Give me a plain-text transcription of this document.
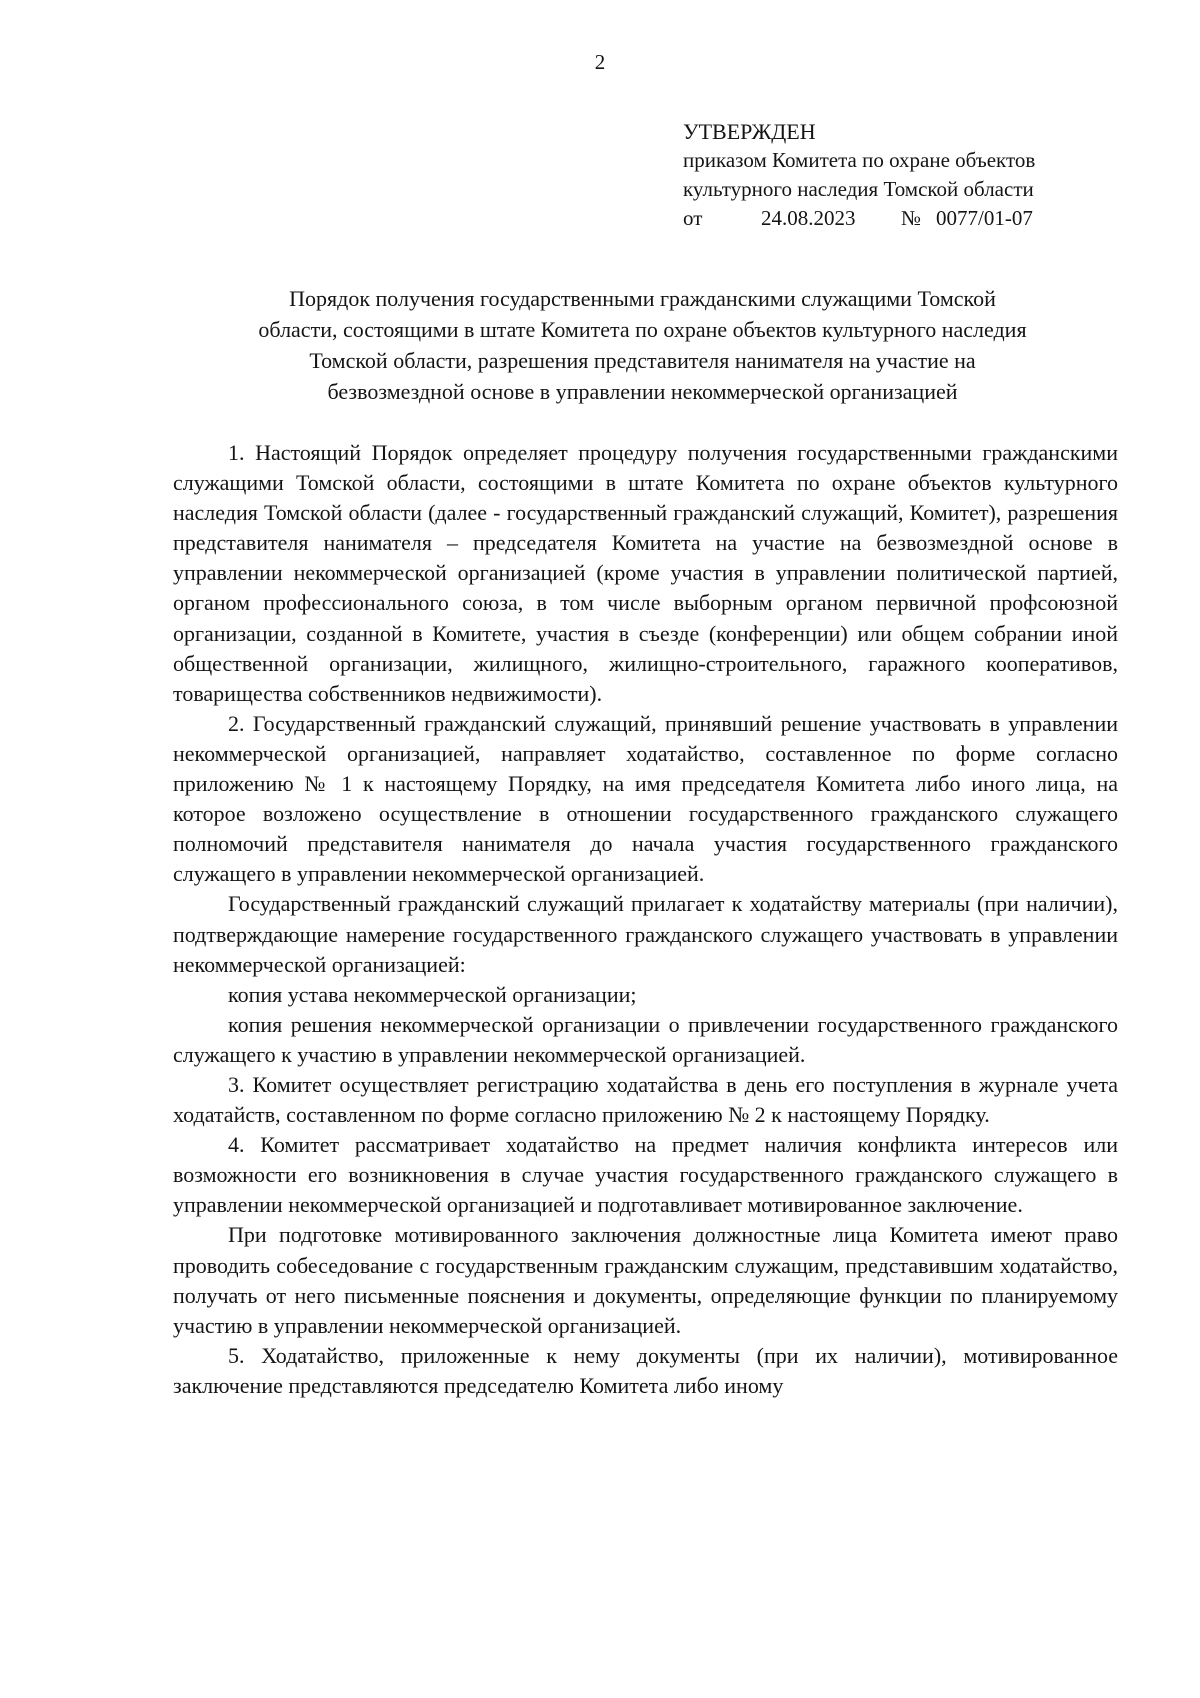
2
УТВЕРЖДЕН
приказом Комитета по охране объектов
культурного наследия Томской области
от	24.08.2023	№ 0077/01-07
Порядок получения государственными гражданскими служащими Томской
области, состоящими в штате Комитета по охране объектов культурного наследия
Томской области, разрешения представителя нанимателя на участие на
безвозмездной основе в управлении некоммерческой организацией

1. Настоящий Порядок определяет процедуру получения государственными гражданскими служащими Томской области, состоящими в штате Комитета по охране объектов культурного наследия Томской области (далее - государственный гражданский служащий, Комитет), разрешения представителя нанимателя – председателя Комитета на участие на безвозмездной основе в управлении некоммерческой организацией (кроме участия в управлении политической партией, органом профессионального союза, в том числе выборным органом первичной профсоюзной организации, созданной в Комитете, участия в съезде (конференции) или общем собрании иной общественной организации, жилищного, жилищно-строительного, гаражного кооперативов, товарищества собственников недвижимости).

2. Государственный гражданский служащий, принявший решение участвовать в управлении некоммерческой организацией, направляет ходатайство, составленное по форме согласно приложению № 1 к настоящему Порядку, на имя председателя Комитета либо иного лица, на которое возложено осуществление в отношении государственного гражданского служащего полномочий представителя нанимателя до начала участия государственного гражданского служащего в управлении некоммерческой организацией.

Государственный гражданский служащий прилагает к ходатайству материалы (при наличии), подтверждающие намерение государственного гражданского служащего участвовать в управлении некоммерческой организацией:

копия устава некоммерческой организации;

копия решения некоммерческой организации о привлечении государственного гражданского служащего к участию в управлении некоммерческой организацией.

3. Комитет осуществляет регистрацию ходатайства в день его поступления в журнале учета ходатайств, составленном по форме согласно приложению № 2 к настоящему Порядку.

4. Комитет рассматривает ходатайство на предмет наличия конфликта интересов или возможности его возникновения в случае участия государственного гражданского служащего в управлении некоммерческой организацией и подготавливает мотивированное заключение.

При подготовке мотивированного заключения должностные лица Комитета имеют право проводить собеседование с государственным гражданским служащим, представившим ходатайство, получать от него письменные пояснения и документы, определяющие функции по планируемому участию в управлении некоммерческой организацией.

5. Ходатайство, приложенные к нему документы (при их наличии), мотивированное заключение представляются председателю Комитета либо иному
